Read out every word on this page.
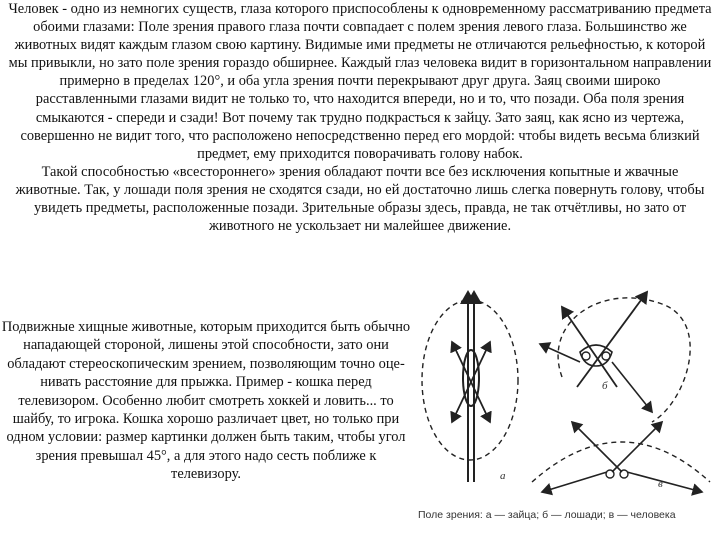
Человек - одно из немногих существ, глаза которого приспособлены к одновременному рассматриванию предмета обоими глазами: Поле зрения правого глаза почти совпадает с полем зрения левого глаза. Большинство же животных видят каждым глазом свою картину. Видимые ими предметы не отличаются рельефностью, к которой мы привыкли, но зато поле зрения гораздо обширнее. Каждый глаз человека видит в горизонтальном направлении примерно в пределах 120°, и оба угла зрения почти перекрывают друг друга. Заяц своими широко расставленными глазами видит не только то, что находится впереди, но и то, что позади. Оба поля зрения смыкаются - спереди и сзади! Вот почему так трудно подкрасться к зайцу. Зато заяц, как ясно из чертежа, совершенно не видит того, что расположено непосредственно перед его мордой: чтобы видеть весьма близкий предмет, ему приходится поворачивать голову набок.

Такой способностью «всестороннего» зрения обладают почти все без исключения копытные и жвачные животные. Так, у лошади поля зрения не сходятся сзади, но ей достаточно лишь слегка повернуть голову, чтобы увидеть предметы, расположенные позади. Зрительные образы здесь, правда, не так отчётливы, но зато от животного не ускользает ни малейшее движение.

Подвижные хищные животные, которым приходится быть обычно нападающей стороной, лишены этой способности, зато они обладают стереоскопическим зрением, позволяющим точно оце-нивать расстояние для прыжка. Пример - кошка перед телевизором. Особенно любит смотреть хоккей и ловить... то шайбу, то игрока. Кошка хорошо различает цвет, но только при одном условии: размер картинки должен быть таким, чтобы угол зрения превышал 45°, а для этого надо сесть поближе к телевизору.	а
б
в
Поле зрения: а — зайца; б — лошади; в — человека
